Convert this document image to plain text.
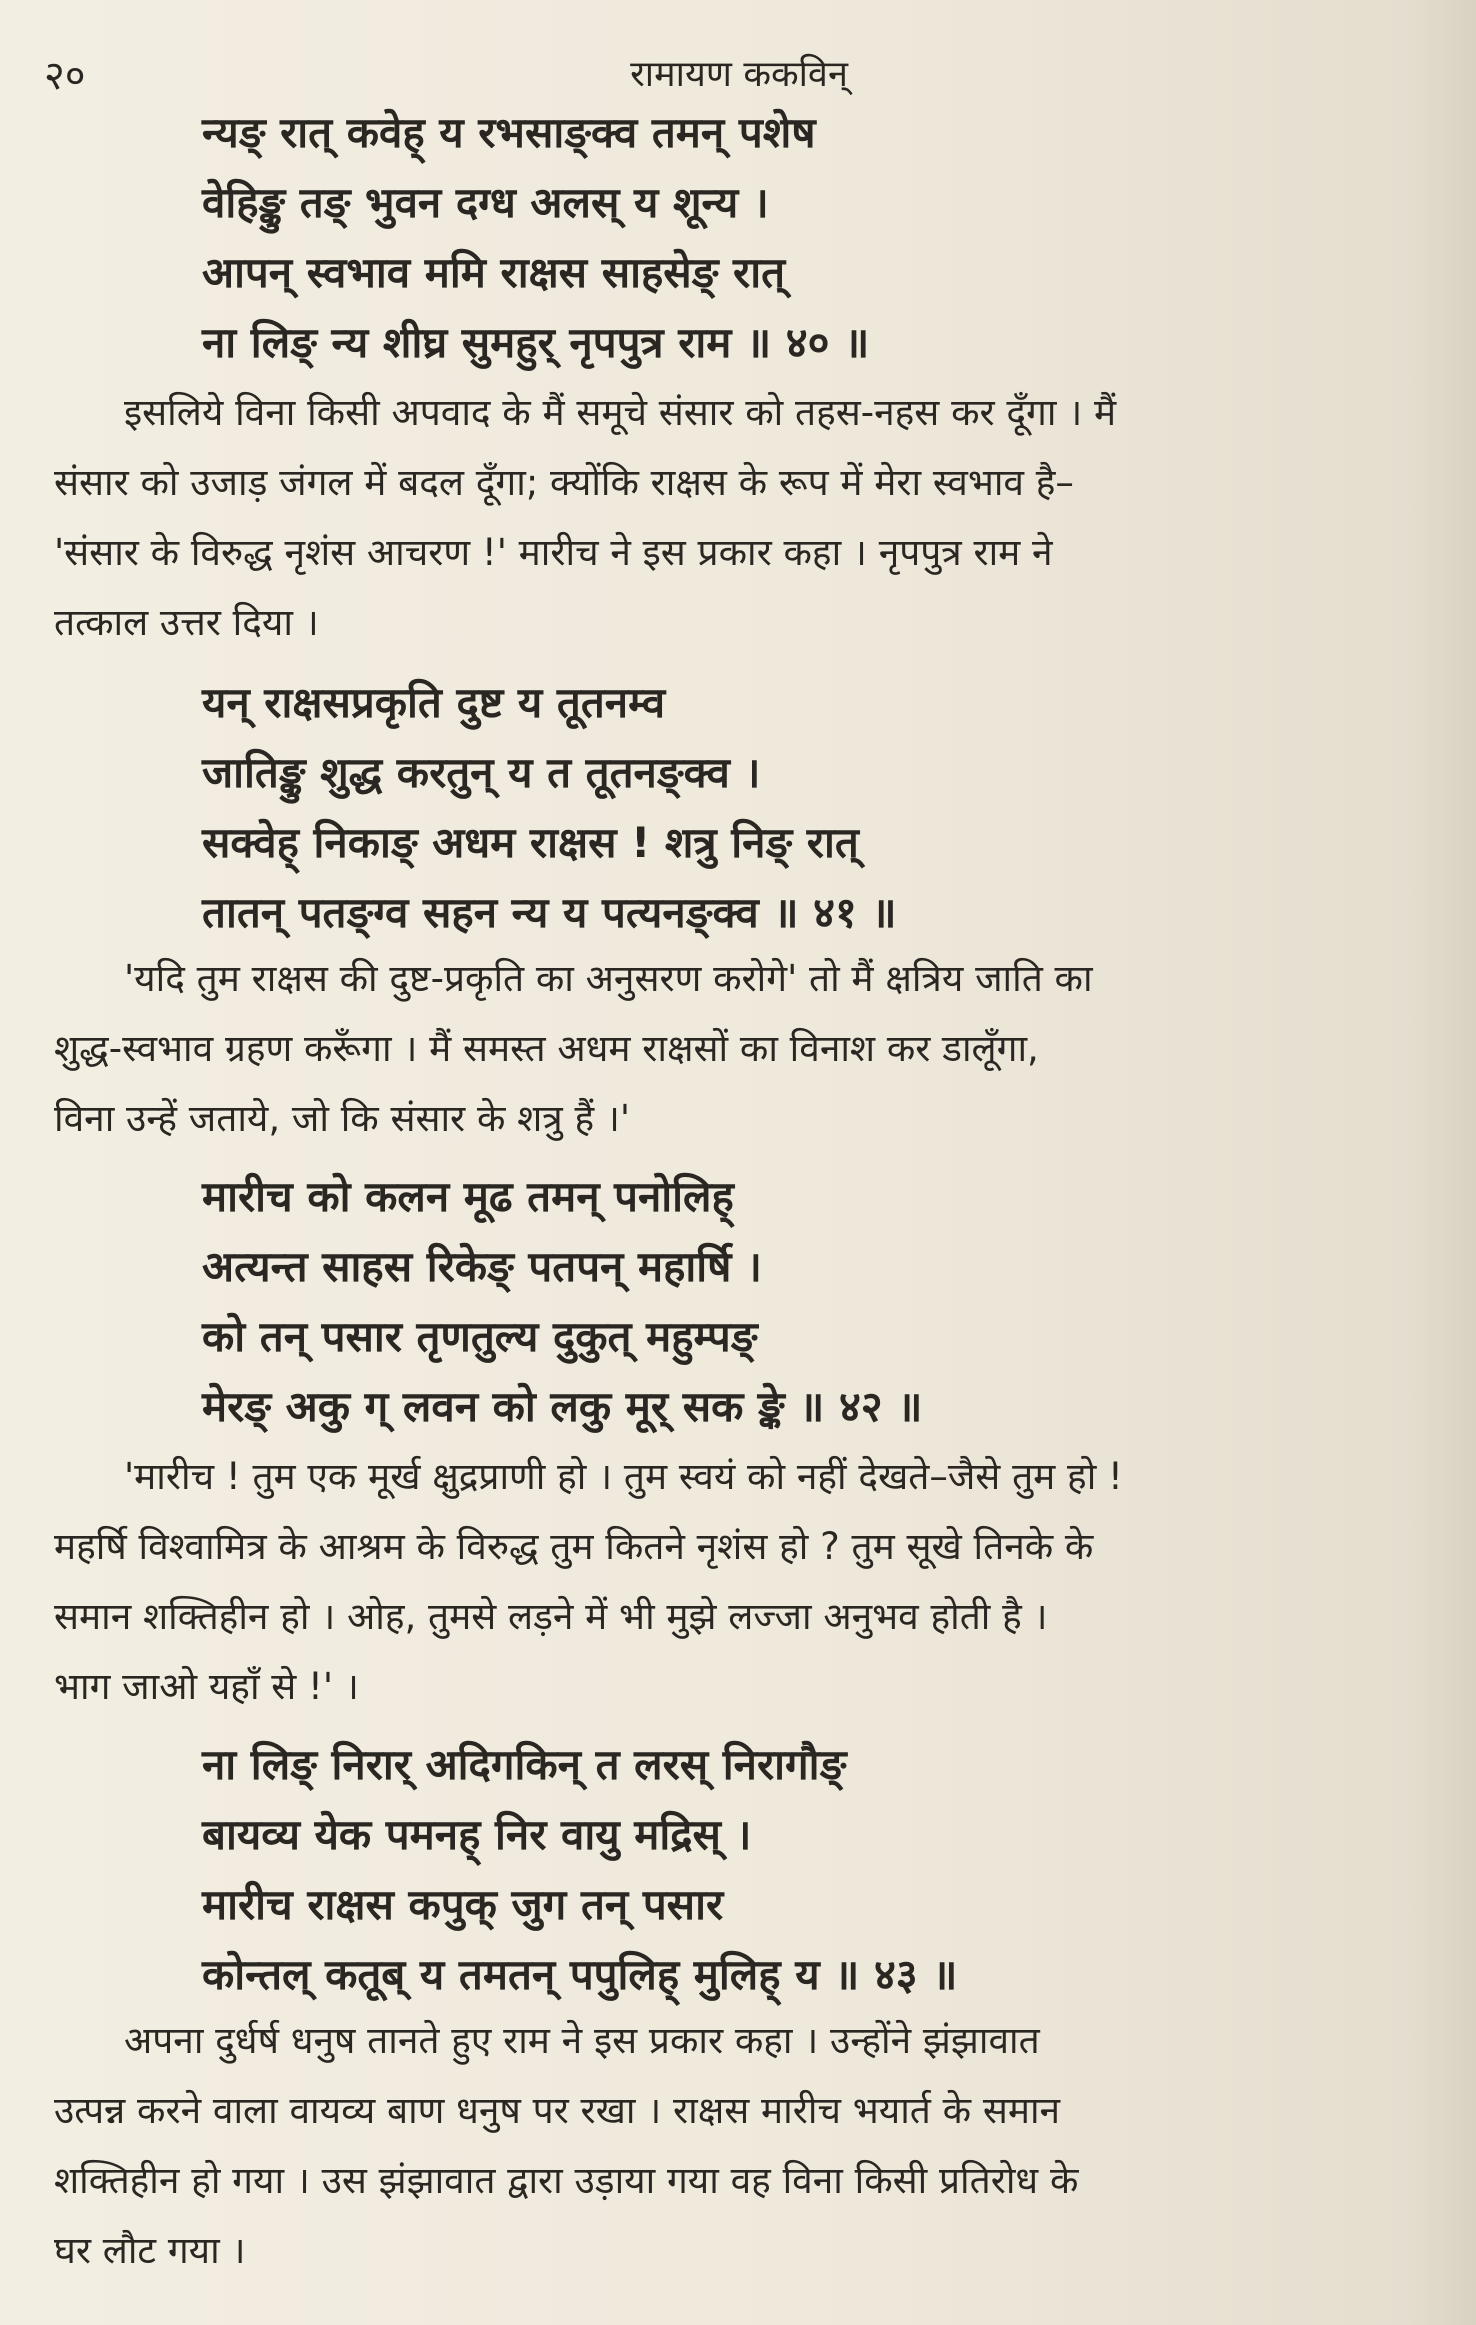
२०	रामायण ककविन्
न्यङ् रात् कवेह् य रभसाङ्क्व तमन् पशेष
वेहिङ्कु तङ् भुवन दग्ध अलस् य शून्य ।
आपन् स्वभाव ममि राक्षस साहसेङ् रात्
ना लिङ् न्य शीघ्र सुमहुर् नृपपुत्र राम ॥ ४० ॥
इसलिये विना किसी अपवाद के मैं समूचे संसार को तहस-नहस कर दूँगा । मैं
संसार को उजाड़ जंगल में बदल दूँगा; क्योंकि राक्षस के रूप में मेरा स्वभाव है–
'संसार के विरुद्ध नृशंस आचरण !' मारीच ने इस प्रकार कहा । नृपपुत्र राम ने
तत्काल उत्तर दिया ।
यन् राक्षसप्रकृति दुष्ट य तूतनम्व
जातिङ्कु शुद्ध करतुन् य त तूतनङ्क्व ।
सक्वेह् निकाङ् अधम राक्षस ! शत्रु निङ् रात्
तातन् पतङ्ग्व सहन न्य य पत्यनङ्क्व ॥ ४१ ॥
'यदि तुम राक्षस की दुष्ट-प्रकृति का अनुसरण करोगे' तो मैं क्षत्रिय जाति का
शुद्ध-स्वभाव ग्रहण करूँगा । मैं समस्त अधम राक्षसों का विनाश कर डालूँगा,
विना उन्हें जताये, जो कि संसार के शत्रु हैं ।'
मारीच को कलन मूढ तमन् पनोलिह्
अत्यन्त साहस रिकेङ् पतपन् महार्षि ।
को तन् पसार तृणतुल्य दुकुत् महुम्पङ्
मेरङ् अकु ग् लवन को लकु मूर् सक ङ्के ॥ ४२ ॥
'मारीच ! तुम एक मूर्ख क्षुद्रप्राणी हो । तुम स्वयं को नहीं देखते–जैसे तुम हो !
महर्षि विश्वामित्र के आश्रम के विरुद्ध तुम कितने नृशंस हो ? तुम सूखे तिनके के
समान शक्तिहीन हो । ओह, तुमसे लड़ने में भी मुझे लज्जा अनुभव होती है ।
भाग जाओ यहाँ से !' ।
ना लिङ् निरार् अदिगकिन् त लरस् निरागौङ्
बायव्य येक पमनह् निर वायु मद्रिस् ।
मारीच राक्षस कपुक् जुग तन् पसार
कोन्तल् कतूब् य तमतन् पपुलिह् मुलिह् य ॥ ४३ ॥
अपना दुर्धर्ष धनुष तानते हुए राम ने इस प्रकार कहा । उन्होंने झंझावात
उत्पन्न करने वाला वायव्य बाण धनुष पर रखा । राक्षस मारीच भयार्त के समान
शक्तिहीन हो गया । उस झंझावात द्वारा उड़ाया गया वह विना किसी प्रतिरोध के
घर लौट गया ।
